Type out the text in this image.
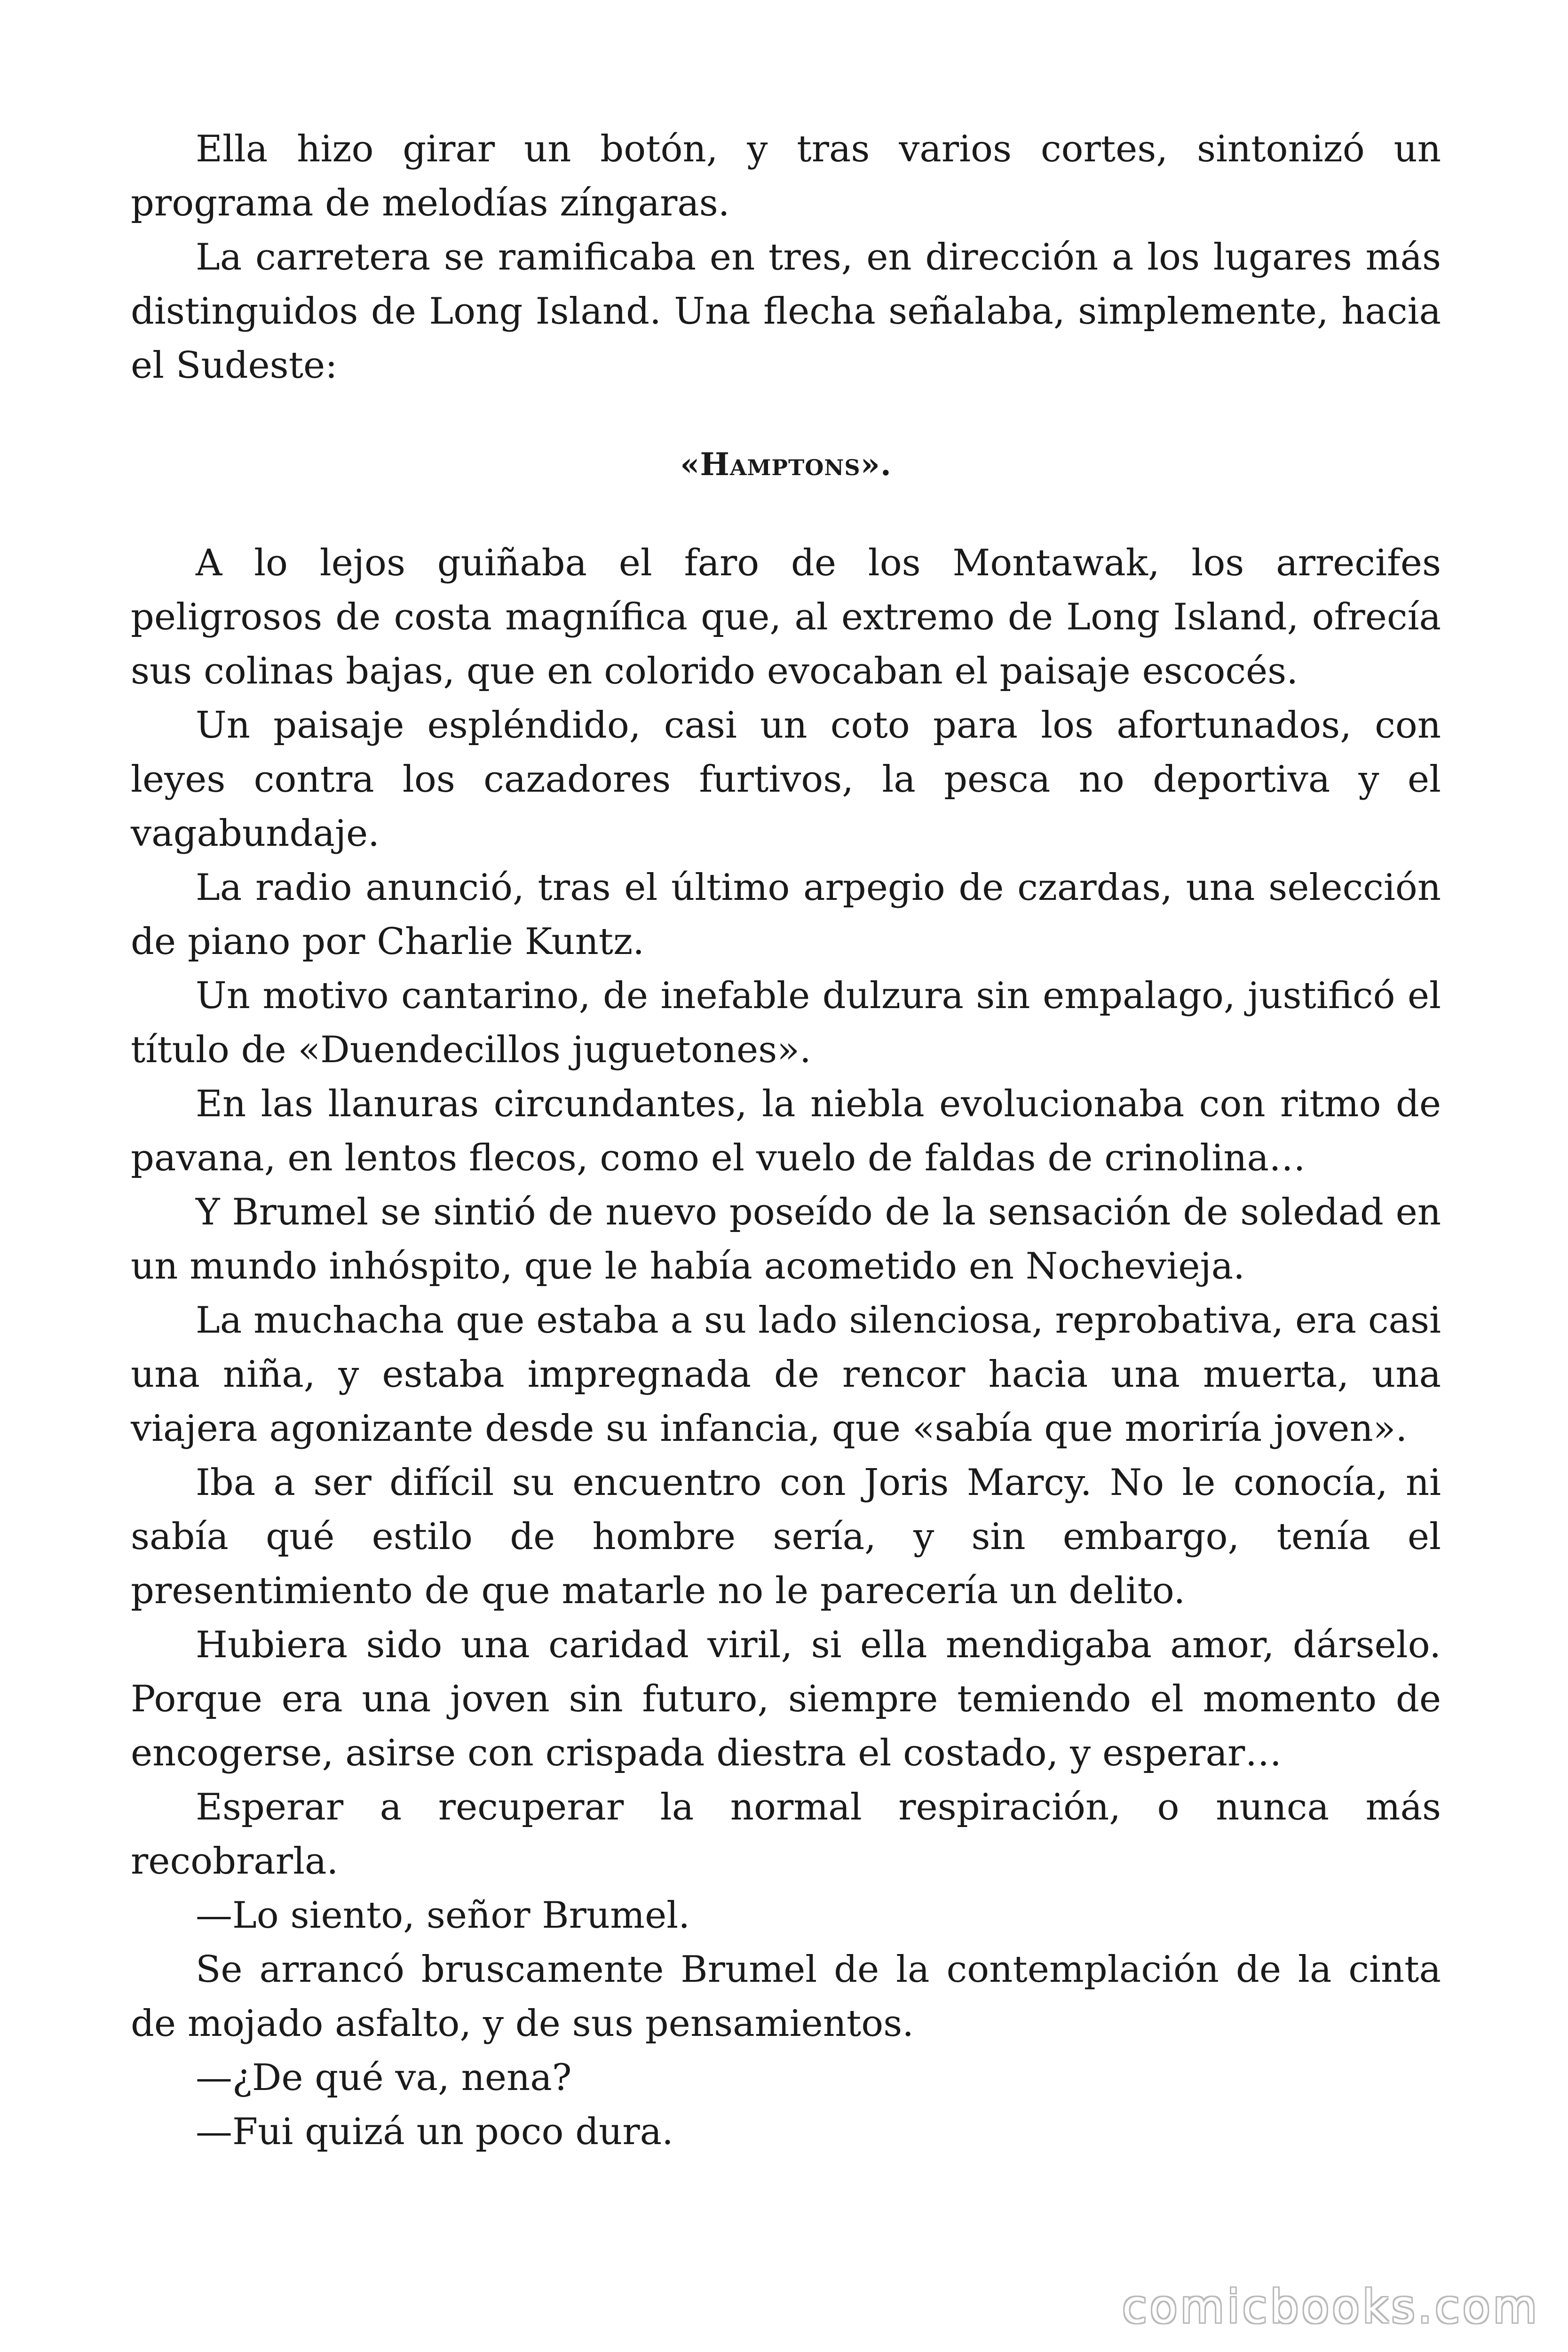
Ella hizo girar un botón, y tras varios cortes, sintonizó un programa de melodías zíngaras.

La carretera se ramificaba en tres, en dirección a los lugares más distinguidos de Long Island. Una flecha señalaba, simplemente, hacia el Sudeste:

«Hamptons».

A lo lejos guiñaba el faro de los Montawak, los arrecifes peligrosos de costa magnífica que, al extremo de Long Island, ofrecía sus colinas bajas, que en colorido evocaban el paisaje escocés.

Un paisaje espléndido, casi un coto para los afortunados, con leyes contra los cazadores furtivos, la pesca no deportiva y el vagabundaje.

La radio anunció, tras el último arpegio de czardas, una selección de piano por Charlie Kuntz.

Un motivo cantarino, de inefable dulzura sin empalago, justificó el título de «Duendecillos juguetones».

En las llanuras circundantes, la niebla evolucionaba con ritmo de pavana, en lentos flecos, como el vuelo de faldas de crinolina…

Y Brumel se sintió de nuevo poseído de la sensación de soledad en un mundo inhóspito, que le había acometido en Nochevieja.

La muchacha que estaba a su lado silenciosa, reprobativa, era casi una niña, y estaba impregnada de rencor hacia una muerta, una viajera agonizante desde su infancia, que «sabía que moriría joven».

Iba a ser difícil su encuentro con Joris Marcy. No le conocía, ni sabía qué estilo de hombre sería, y sin embargo, tenía el presentimiento de que matarle no le parecería un delito.

Hubiera sido una caridad viril, si ella mendigaba amor, dárselo. Porque era una joven sin futuro, siempre temiendo el momento de encogerse, asirse con crispada diestra el costado, y esperar…

Esperar a recuperar la normal respiración, o nunca más recobrarla.

—Lo siento, señor Brumel.

Se arrancó bruscamente Brumel de la contemplación de la cinta de mojado asfalto, y de sus pensamientos.

—¿De qué va, nena?

—Fui quizá un poco dura.

comicbooks.com
